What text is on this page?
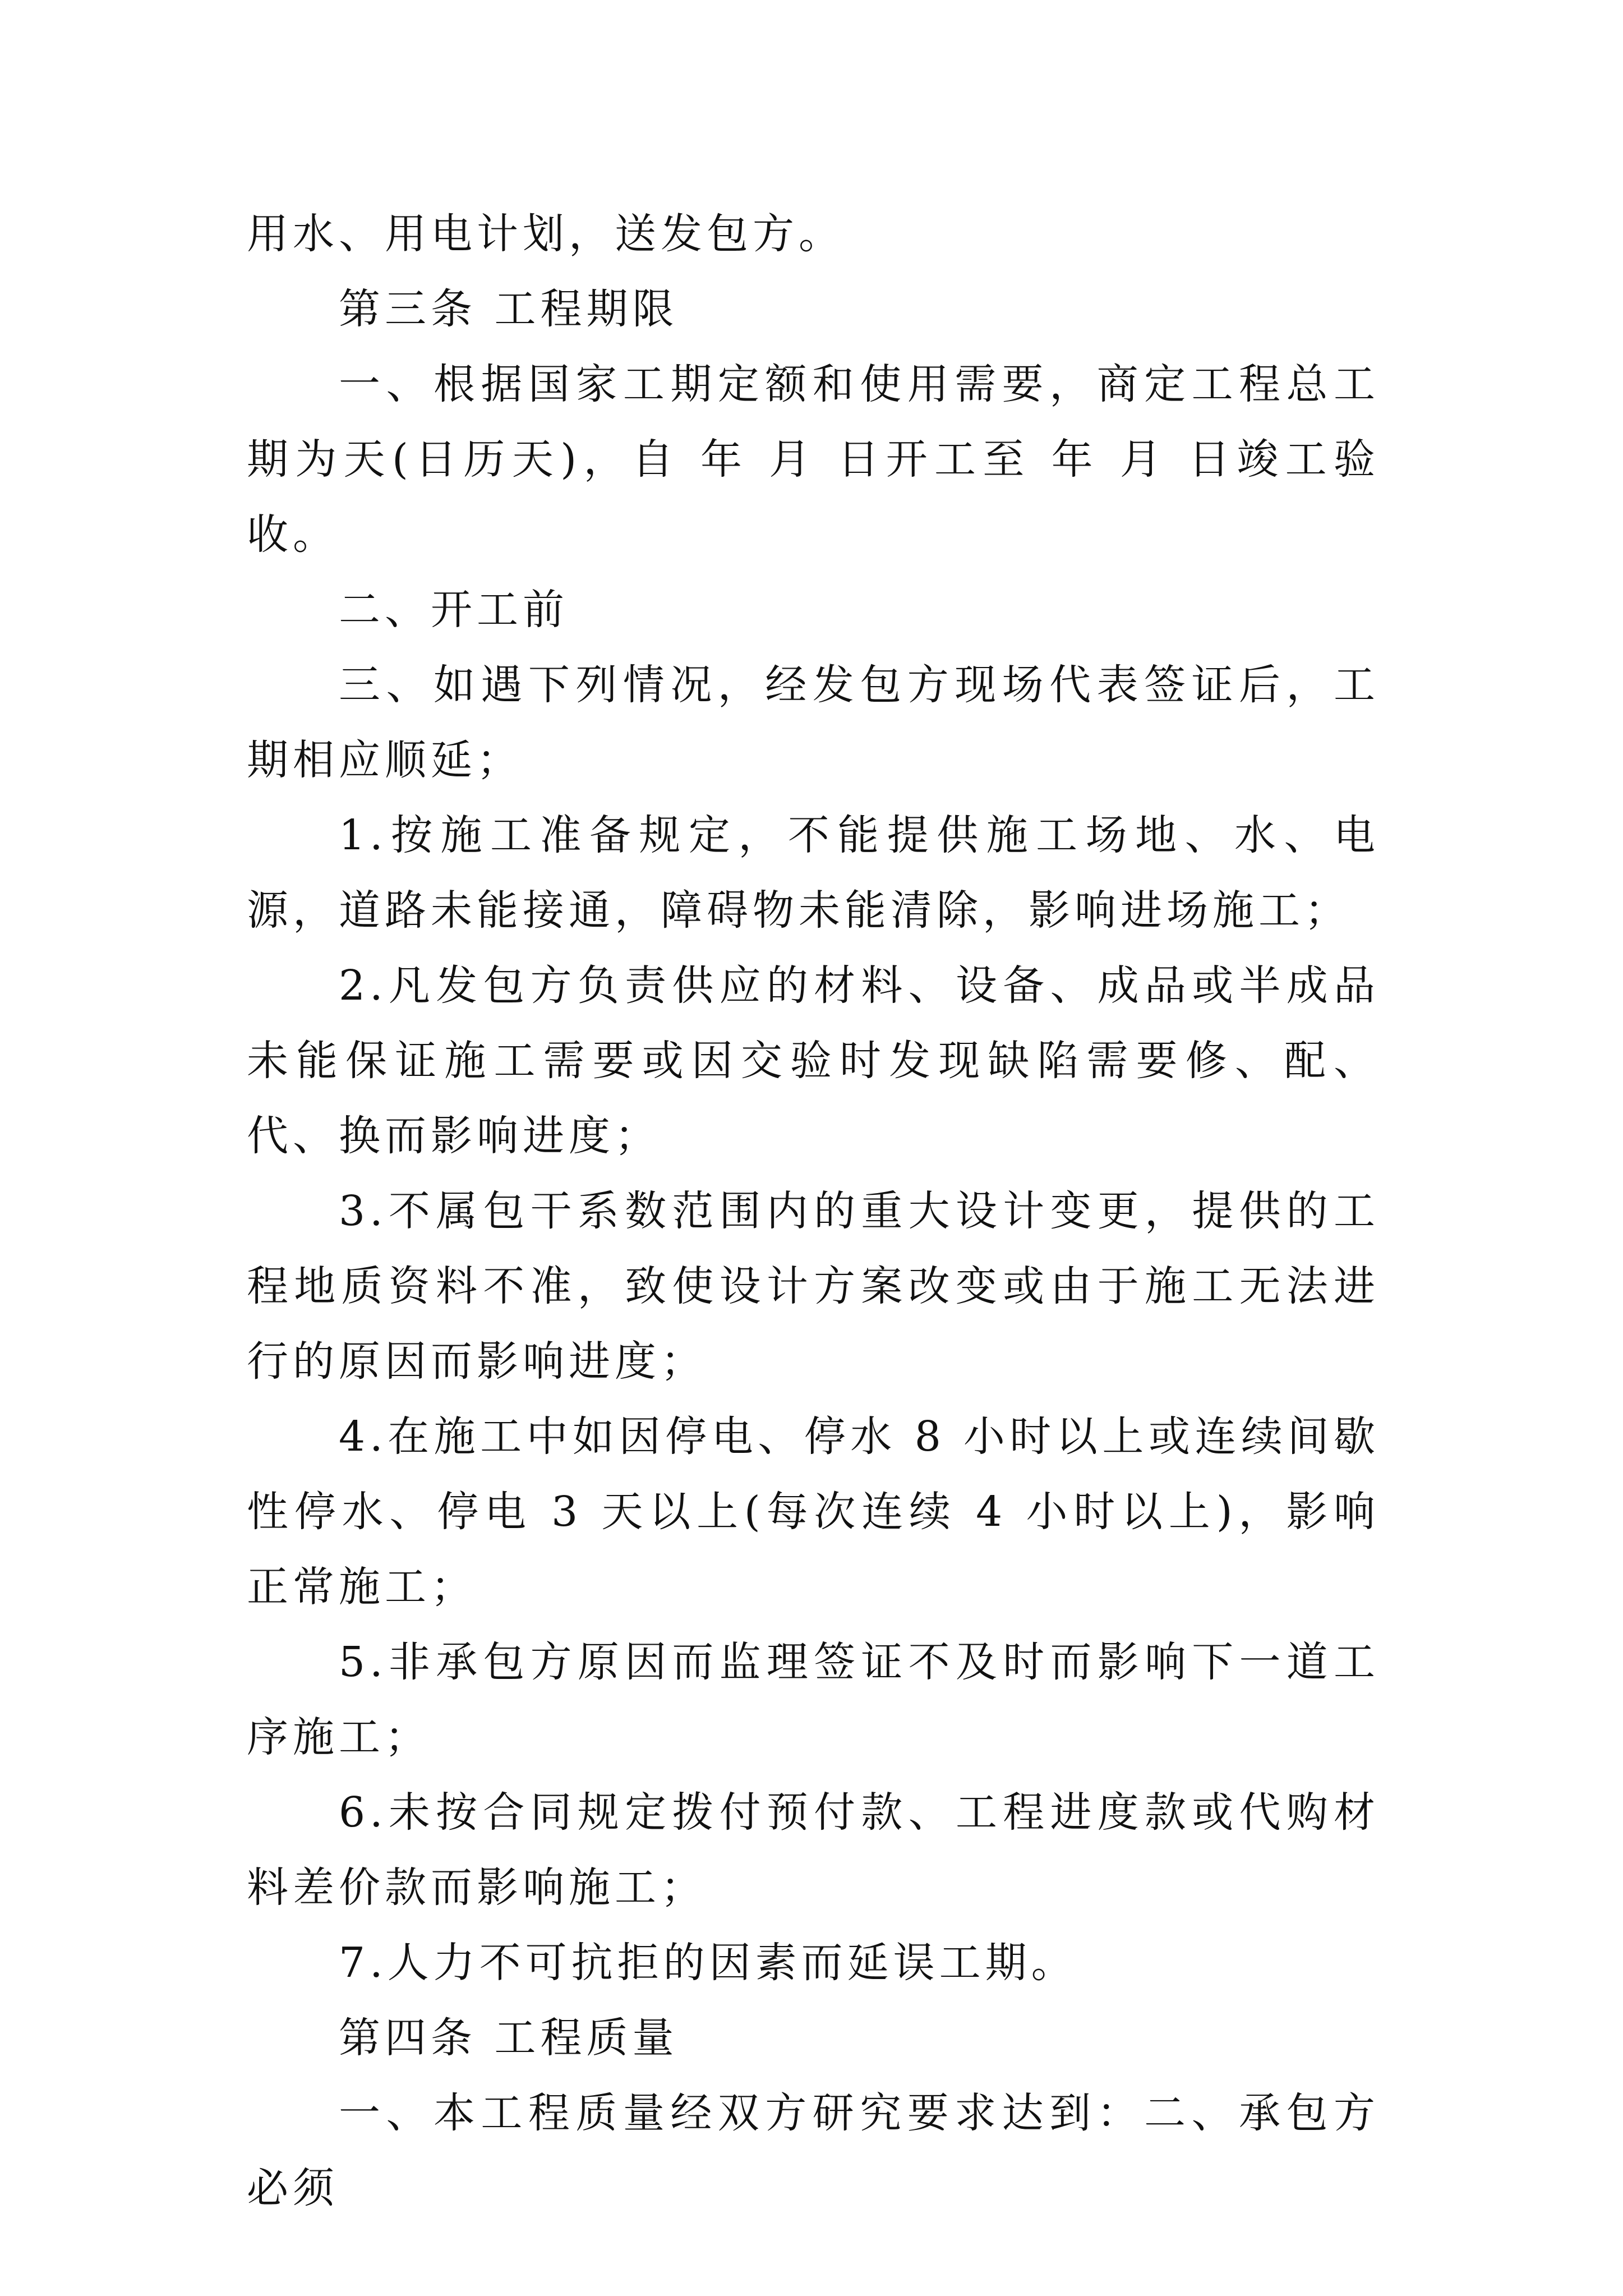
用水、用电计划，送发包方。

第三条 工程期限

一、根据国家工期定额和使用需要，商定工程总工期为天(日历天)，自 年 月 日开工至 年 月 日竣工验收。

二、开工前

三、如遇下列情况，经发包方现场代表签证后，工期相应顺延；

1.按施工准备规定，不能提供施工场地、水、电源，道路未能接通，障碍物未能清除，影响进场施工；

2.凡发包方负责供应的材料、设备、成品或半成品未能保证施工需要或因交验时发现缺陷需要修、配、代、换而影响进度；

3.不属包干系数范围内的重大设计变更，提供的工程地质资料不准，致使设计方案改变或由于施工无法进行的原因而影响进度；

4.在施工中如因停电、停水 8 小时以上或连续间歇性停水、停电 3 天以上(每次连续 4 小时以上)，影响正常施工；

5.非承包方原因而监理签证不及时而影响下一道工序施工；

6.未按合同规定拨付预付款、工程进度款或代购材料差价款而影响施工；

7.人力不可抗拒的因素而延误工期。

第四条 工程质量

一、本工程质量经双方研究要求达到：二、承包方必须
